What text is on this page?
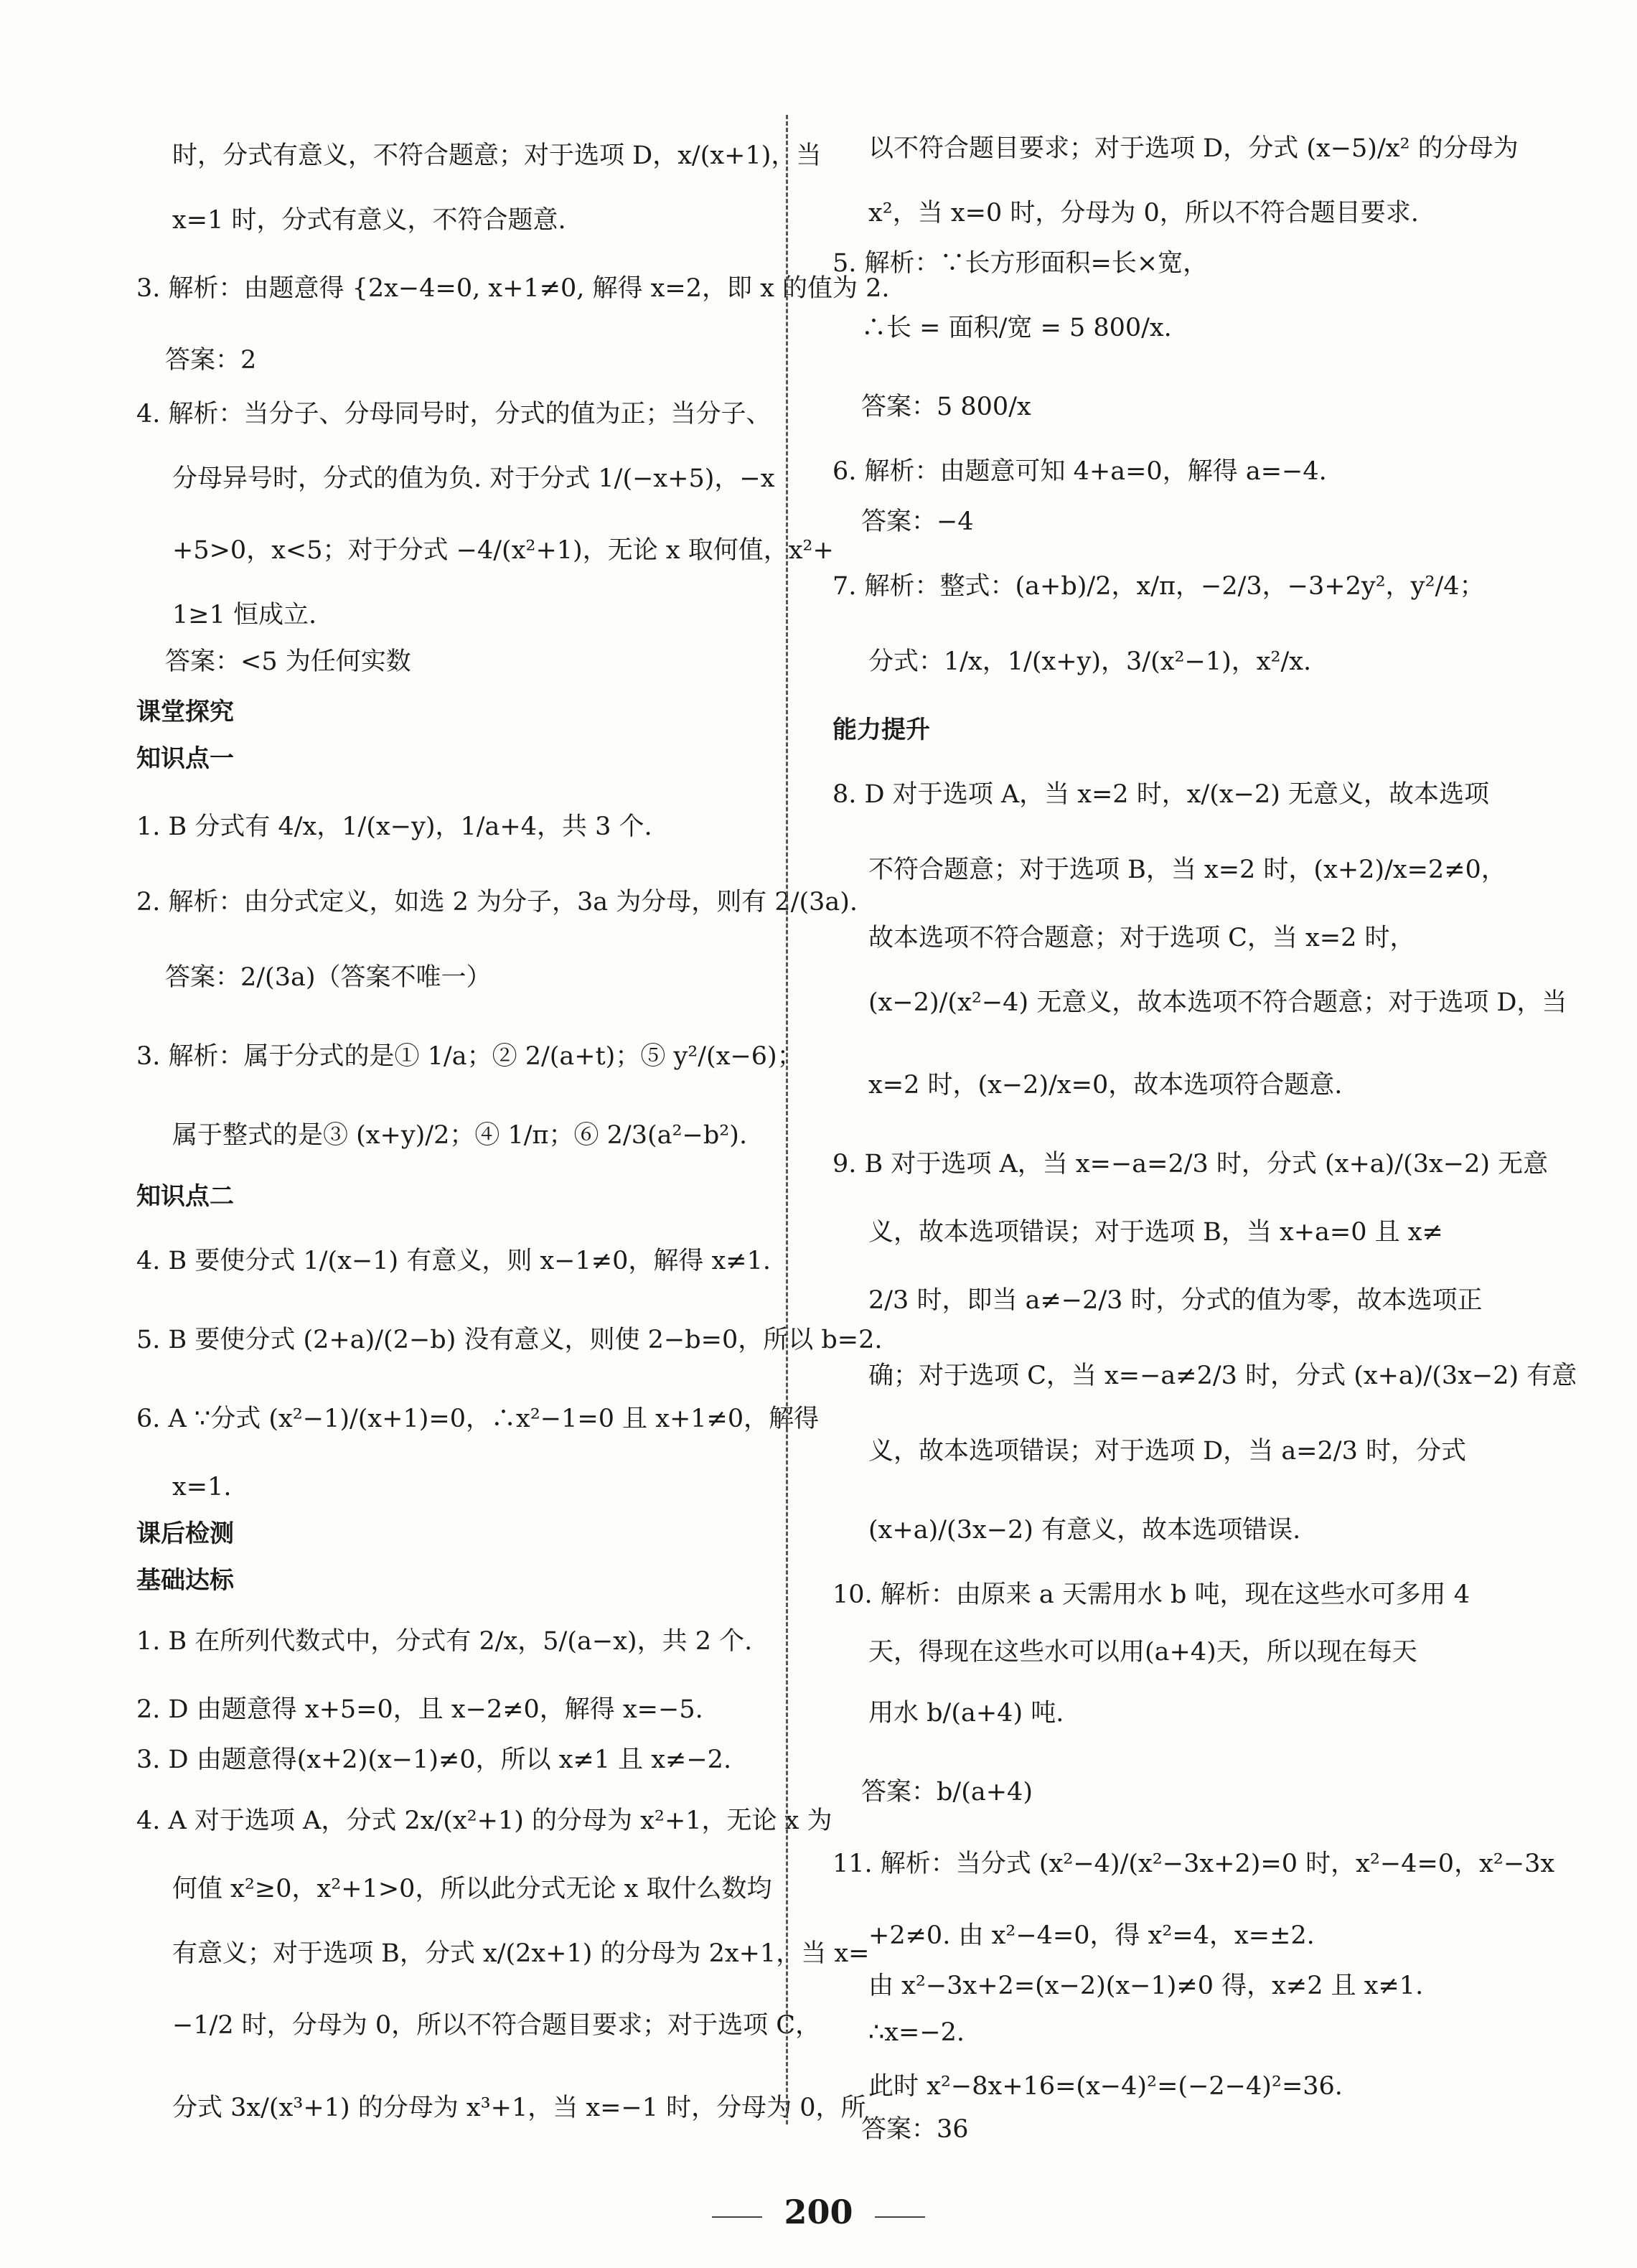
时，分式有意义，不符合题意；对于选项 D，x/(x+1)，当
x=1 时，分式有意义，不符合题意.
3. 解析：由题意得 {2x−4=0, x+1≠0, 解得 x=2，即 x 的值为 2.
答案：2
4. 解析：当分子、分母同号时，分式的值为正；当分子、
分母异号时，分式的值为负. 对于分式 1/(−x+5)，−x
+5>0，x<5；对于分式 −4/(x²+1)，无论 x 取何值，x²+
1≥1 恒成立.
答案：<5 为任何实数
课堂探究
知识点一
1. B 分式有 4/x，1/(x−y)，1/a+4，共 3 个.
2. 解析：由分式定义，如选 2 为分子，3a 为分母，则有 2/(3a).
答案：2/(3a)（答案不唯一）
3. 解析：属于分式的是① 1/a；② 2/(a+t)；⑤ y²/(x−6)；
属于整式的是③ (x+y)/2；④ 1/π；⑥ 2/3(a²−b²).
知识点二
4. B 要使分式 1/(x−1) 有意义，则 x−1≠0，解得 x≠1.
5. B 要使分式 (2+a)/(2−b) 没有意义，则使 2−b=0，所以 b=2.
6. A ∵分式 (x²−1)/(x+1)=0，∴x²−1=0 且 x+1≠0，解得
x=1.
课后检测
基础达标
1. B 在所列代数式中，分式有 2/x，5/(a−x)，共 2 个.
2. D 由题意得 x+5=0，且 x−2≠0，解得 x=−5.
3. D 由题意得(x+2)(x−1)≠0，所以 x≠1 且 x≠−2.
4. A 对于选项 A，分式 2x/(x²+1) 的分母为 x²+1，无论 x 为
何值 x²≥0，x²+1>0，所以此分式无论 x 取什么数均
有意义；对于选项 B，分式 x/(2x+1) 的分母为 2x+1，当 x=
−1/2 时，分母为 0，所以不符合题目要求；对于选项 C，
分式 3x/(x³+1) 的分母为 x³+1，当 x=−1 时，分母为 0，所
以不符合题目要求；对于选项 D，分式 (x−5)/x² 的分母为
x²，当 x=0 时，分母为 0，所以不符合题目要求.
5. 解析：∵长方形面积=长×宽，
∴长 = 面积/宽 = 5 800/x.
答案：5 800/x
6. 解析：由题意可知 4+a=0，解得 a=−4.
答案：−4
7. 解析：整式：(a+b)/2，x/π，−2/3，−3+2y²，y²/4；
分式：1/x，1/(x+y)，3/(x²−1)，x²/x.
能力提升
8. D 对于选项 A，当 x=2 时，x/(x−2) 无意义，故本选项
不符合题意；对于选项 B，当 x=2 时，(x+2)/x=2≠0，
故本选项不符合题意；对于选项 C，当 x=2 时，
(x−2)/(x²−4) 无意义，故本选项不符合题意；对于选项 D，当
x=2 时，(x−2)/x=0，故本选项符合题意.
9. B 对于选项 A，当 x=−a=2/3 时，分式 (x+a)/(3x−2) 无意
义，故本选项错误；对于选项 B，当 x+a=0 且 x≠
2/3 时，即当 a≠−2/3 时，分式的值为零，故本选项正
确；对于选项 C，当 x=−a≠2/3 时，分式 (x+a)/(3x−2) 有意
义，故本选项错误；对于选项 D，当 a=2/3 时，分式
(x+a)/(3x−2) 有意义，故本选项错误.
10. 解析：由原来 a 天需用水 b 吨，现在这些水可多用 4
天，得现在这些水可以用(a+4)天，所以现在每天
用水 b/(a+4) 吨.
答案：b/(a+4)
11. 解析：当分式 (x²−4)/(x²−3x+2)=0 时，x²−4=0，x²−3x
+2≠0. 由 x²−4=0，得 x²=4，x=±2.
由 x²−3x+2=(x−2)(x−1)≠0 得，x≠2 且 x≠1.
∴x=−2.
此时 x²−8x+16=(x−4)²=(−2−4)²=36.
答案：36
200
